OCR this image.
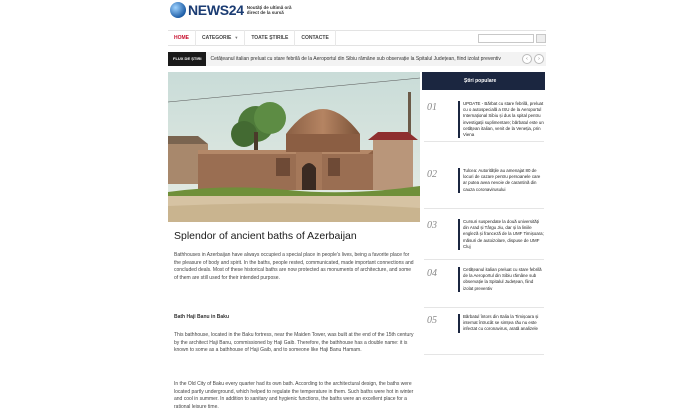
NEWS24 Noutăți de ultimă oră direct de la sursă
HOME	CATEGORIE ▼	TOATE ȘTIRILE	CONTACTE
FLUX DE ȘTIRI	Cetățeanul italian preluat cu stare febrilă de la Aeroportul din Sibiu rămâne sub observație la Spitalul Județean, fiind izolat preventiv	‹	›
Splendor of ancient baths of Azerbaijan
Bathhouses in Azerbaijan have always occupied a special place in people's lives, being a favorite place for the pleasure of body and spirit. In the baths, people rested, communicated, made important connections and concluded deals. Most of these historical baths are now protected as monuments of architecture, and some of them are still used for their intended purpose.
Bath Haji Banu in Baku
This bathhouse, located in the Baku fortress, near the Maiden Tower, was built at the end of the 15th century by the architect Haji Banu, commissioned by Haji Gaib. Therefore, the bathhouse has a double name: it is known to some as a bathhouse of Haji Gaib, and to someone like Haji Banu Hamam.
In the Old City of Baku every quarter had its own bath. According to the architectural design, the baths were located partly underground, which helped to regulate the temperature in them. Such baths were hot in winter and cool in summer. In addition to sanitary and hygienic functions, the baths were an excellent place for a rational leisure time.
Știri populare
01	UPDATE - Bărbat cu stare febrilă, preluat cu o autospecială a ISU de la Aeroportul Internațional Sibiu și dus la spital pentru investigații suplimentare; bărbatul este un cetățean italian, venit de la Veneția, prin Viena
02	Tulcea: Autoritățile au amenajat 80 de locuri de cazare pentru persoanele care ar putea avea nevoie de carantină din cauza coronavirusului
03	Cursuri suspendate la două universități din Arad și Târgu Jiu, dar și la liniile engleză și franceză de la UMF Timișoara; măsuri de autoizolare, dispuse de UMF Cluj
04	Cetățeanul italian preluat cu stare febrilă de la Aeroportul din Sibiu rămâne sub observație la Spitalul Județean, fiind izolat preventiv
05	Bărbatul întors din Italia la Timișoara și internat întrucât se simțea rău nu este infectat cu coronavirus, arată analizele
